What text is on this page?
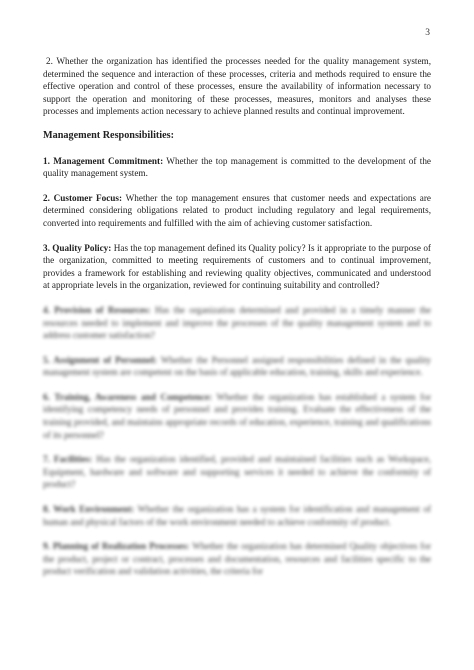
3

2. Whether the organization has identified the processes needed for the quality management system, determined the sequence and interaction of these processes, criteria and methods required to ensure the effective operation and control of these processes, ensure the availability of information necessary to support the operation and monitoring of these processes, measures, monitors and analyses these processes and implements action necessary to achieve planned results and continual improvement.

Management Responsibilities:

1. Management Commitment: Whether the top management is committed to the development of the quality management system.

2. Customer Focus: Whether the top management ensures that customer needs and expectations are determined considering obligations related to product including regulatory and legal requirements, converted into requirements and fulfilled with the aim of achieving customer satisfaction.

3. Quality Policy: Has the top management defined its Quality policy? Is it appropriate to the purpose of the organization, committed to meeting requirements of customers and to continual improvement, provides a framework for establishing and reviewing quality objectives, communicated and understood at appropriate levels in the organization, reviewed for continuing suitability and controlled?

4. Provision of Resources: Has the organization determined and provided in a timely manner the resources needed to implement and improve the processes of the quality management system and to address customer satisfaction?

5. Assignment of Personnel: Whether the Personnel assigned responsibilities defined in the quality management system are competent on the basis of applicable education, training, skills and experience.

6. Training, Awareness and Competence: Whether the organization has established a system for identifying competency needs of personnel and provides training. Evaluate the effectiveness of the training provided, and maintains appropriate records of education, experience, training and qualifications of its personnel?

7. Facilities: Has the organization identified, provided and maintained facilities such as Workspace, Equipment, hardware and software and supporting services it needed to achieve the conformity of product?

8. Work Environment: Whether the organization has a system for identification and management of human and physical factors of the work environment needed to achieve conformity of product.

9. Planning of Realization Processes: Whether the organization has determined Quality objectives for the product, project or contract, processes and documentation, resources and facilities specific to the product verification and validation activities, the criteria for
